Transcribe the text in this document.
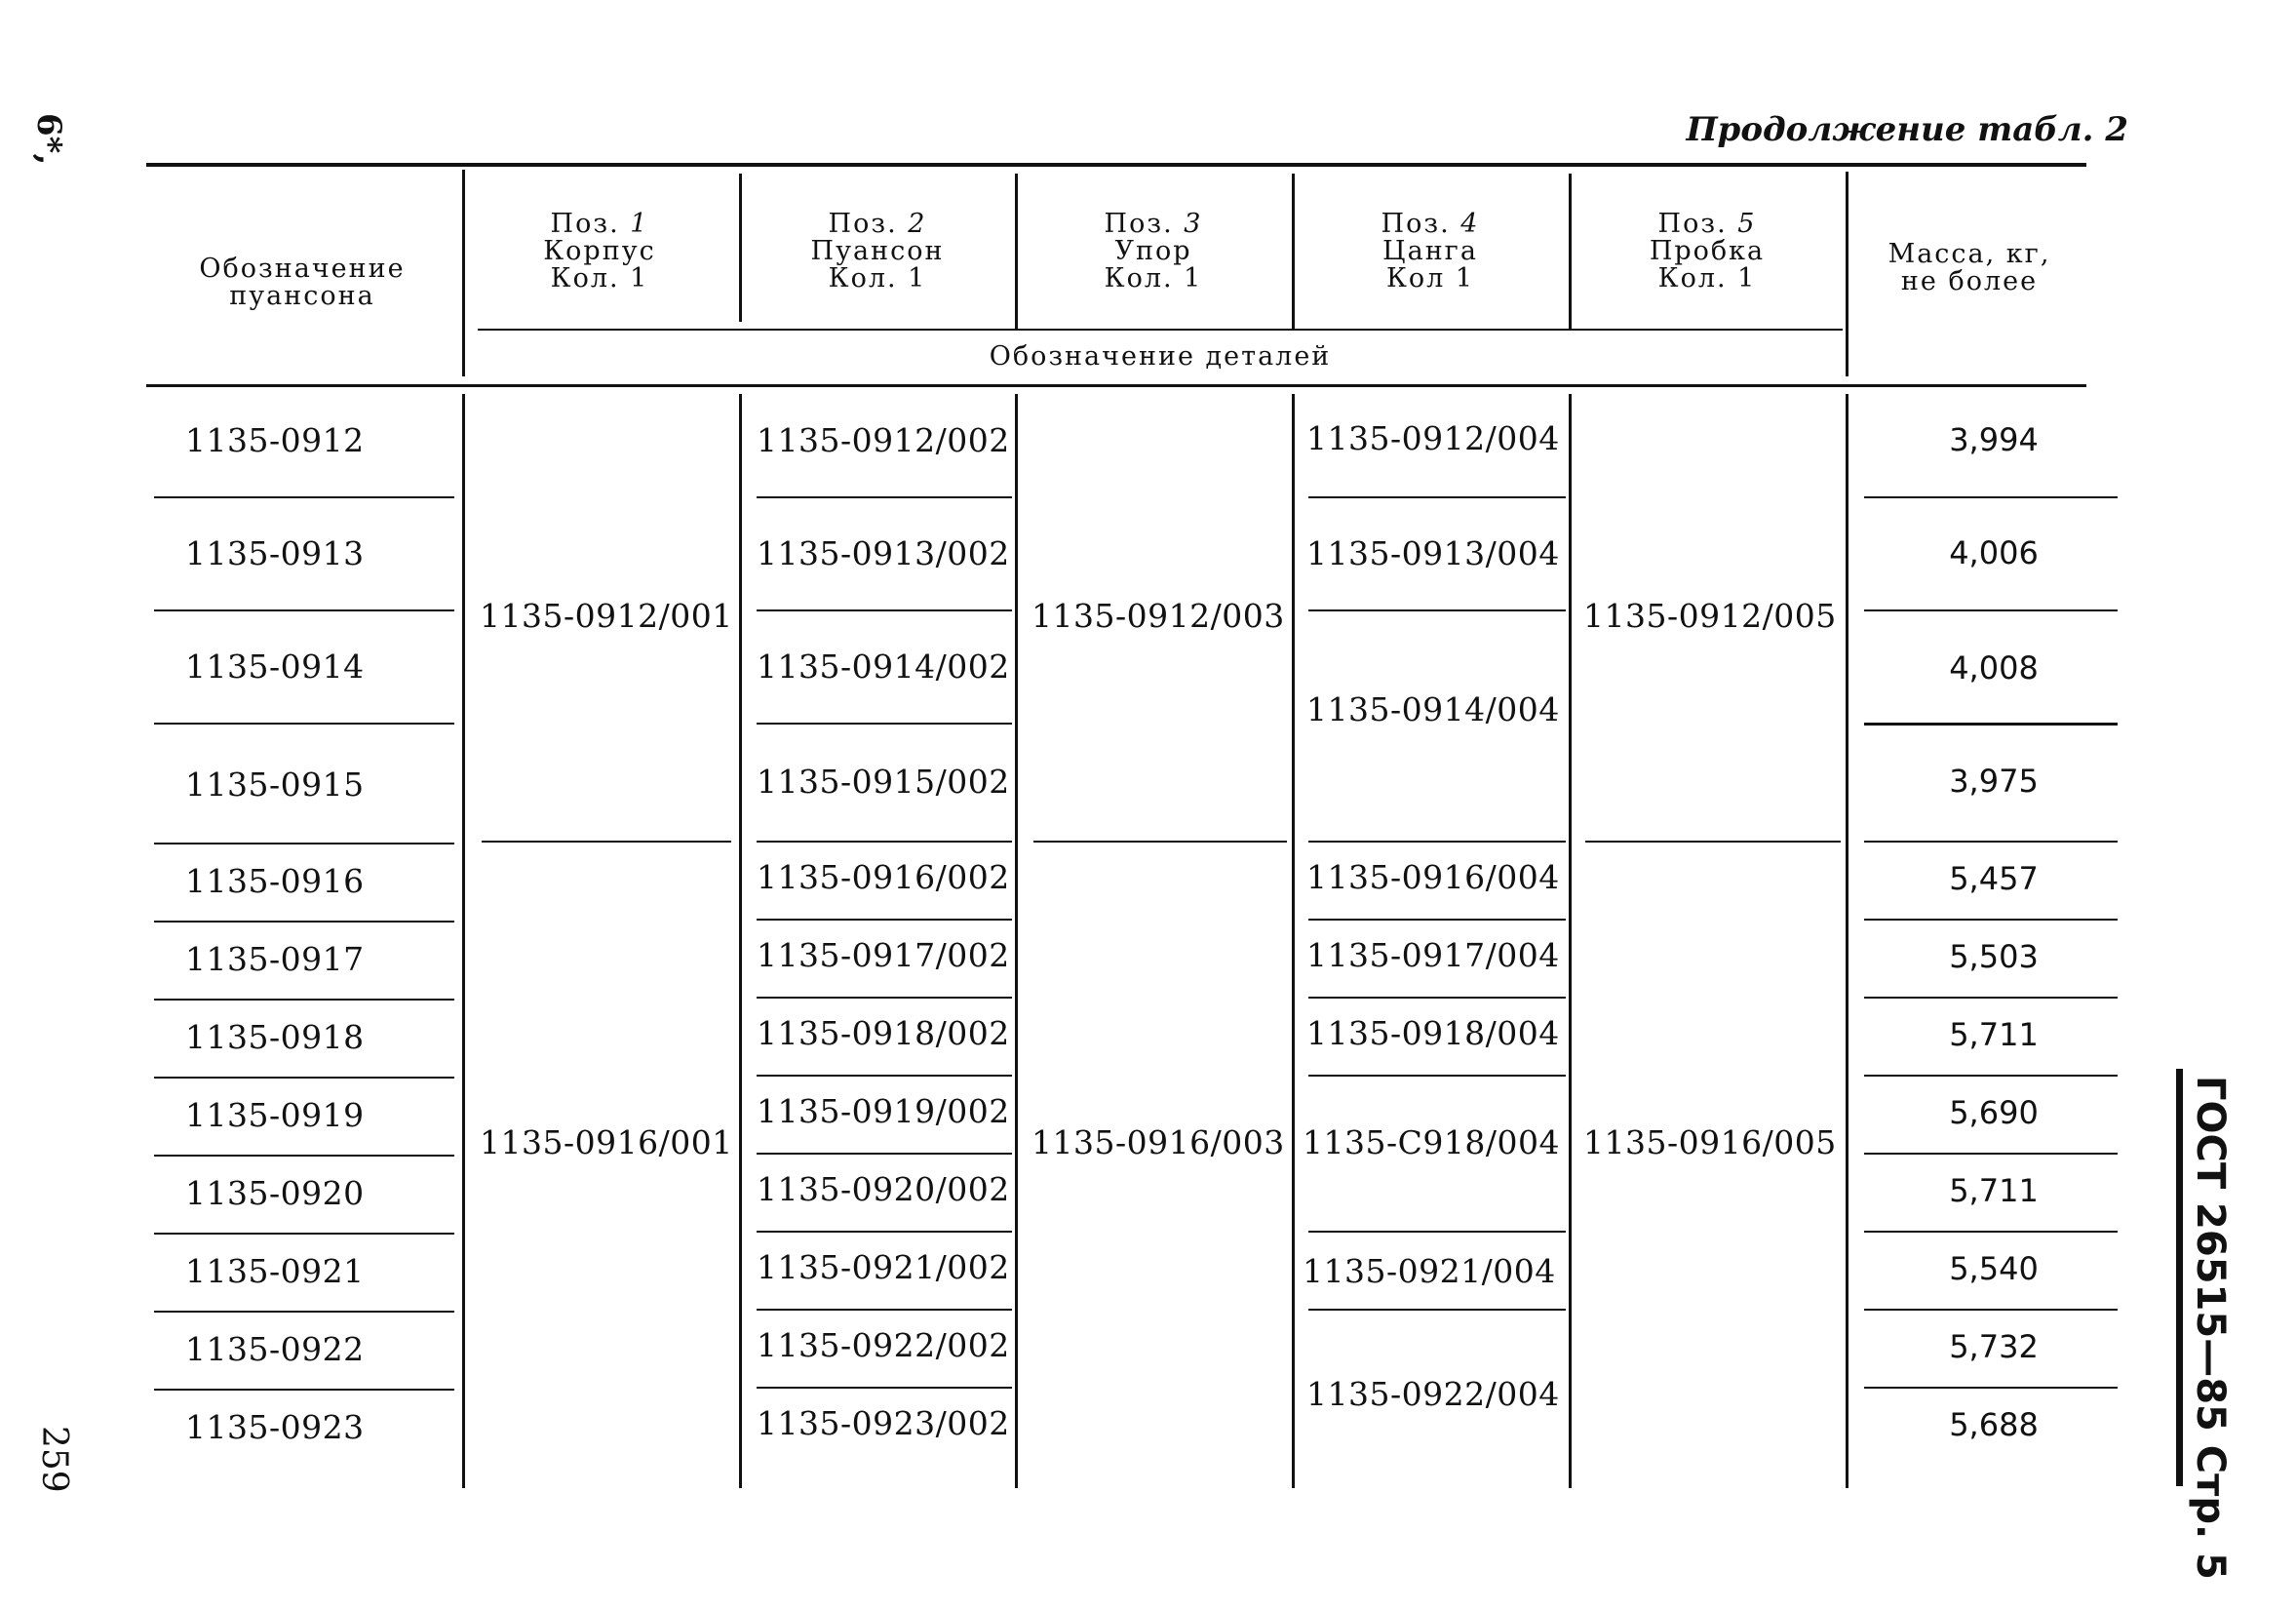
6*,
259
Продолжение табл. 2
ГОСТ 26515—85 Стр. 5
Обозначение
пуансона
Поз. 1
Корпус
Кол. 1
Поз. 2
Пуансон
Кол. 1
Поз. 3
Упор
Кол. 1
Поз. 4
Цанга
Кол 1
Поз. 5
Пробка
Кол. 1
Масса, кг,
не более
Обозначение деталей
1135-0912
1135-0913
1135-0914
1135-0915
1135-0916
1135-0917
1135-0918
1135-0919
1135-0920
1135-0921
1135-0922
1135-0923
1135-0912/001
1135-0916/001
1135-0912/002
1135-0913/002
1135-0914/002
1135-0915/002
1135-0916/002
1135-0917/002
1135-0918/002
1135-0919/002
1135-0920/002
1135-0921/002
1135-0922/002
1135-0923/002
1135-0912/003
1135-0916/003
1135-0912/004
1135-0913/004
1135-0914/004
1135-0916/004
1135-0917/004
1135-0918/004
1135-С918/004
1135-0921/004
1135-0922/004
1135-0912/005
1135-0916/005
3,994
4,006
4,008
3,975
5,457
5,503
5,711
5,690
5,711
5,540
5,732
5,688
